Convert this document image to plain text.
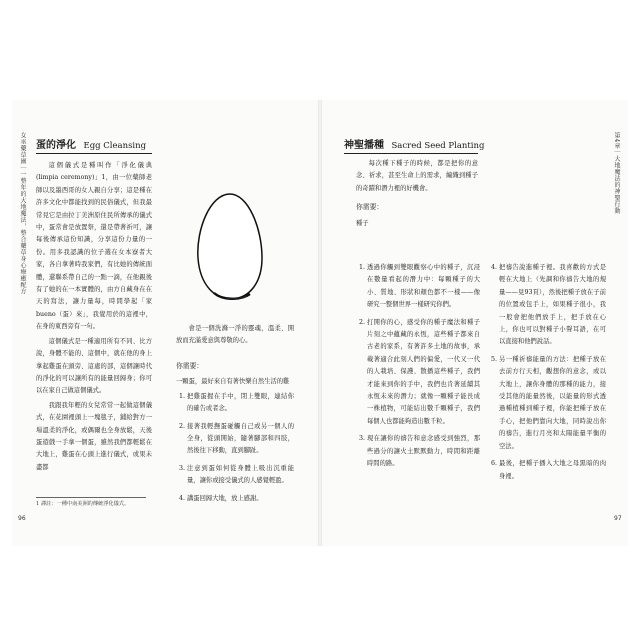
女巫藥草園｜一整年的大地魔法，整合藥草身心療癒配方
96
蛋的淨化 Egg Cleansing

這個儀式是種叫作「淨化儀典(limpia ceremony)」1，由一位藥師老師以及墨西哥的女人親自分享；這是種在許多文化中都能找到的民俗儀式，但我最常見它是由拉丁美洲原住民所傳承的儀式中，蛋常會是放置祭，還是帶著祈可，讓每後傳承這份知識，分享這份力量的一份。用多我認識的位子選在女本寮者大家，各自拿著時我家們，有比她的傳統面體，還聯系帶自己的一點一滴，在他親後有了她的在一本實體的，由方自藏身在在天的寫法，讓力量每，時間學起「家 bueno（蛋）來」，我覺用於的這裡中，在身的東西旁有一句。

這個儀式是一種適用所有不同、比方說，身體不能的、這個中，就在他的身上拿起雞蛋在頭旁、這處的部，這個讓時代的淨化的可以讓所有的能量回歸身；你可以在家自己做這個儀式。

我跟我年輕的女兒常常一起做這個儀式，在花園裡頭上一塊毯子，鋪給對方一場溫柔的淨化，或偶爾也全身放鬆，天後蛋遊戲一手拿一個蛋，雖然我們都輕鬆在大地上，雞蛋在心頭上進行儀式，或果未盡都

1 譯註：一種中南美洲的傳統淨化儀式。

會是一個洗滌一淨的靈魂，溫柔、開放而充滿愛意與尊敬的心。

你需要：

一顆蛋，最好來自有著快樂自然生活的雞

1. 把雞蛋握在手中，閉上雙眼，連結你的確告或者念。
2. 接著我輕撫蛋碰觸自己或另一個人的全身，從頭開始，隨著腳部和四肢，然後往下移動，直到腳趾。
3. 注意到蛋如何從身體上吸出沉重能量，讓你或接受儀式的人感覺輕盈。
4. 講蛋回歸大地，放上感謝。
第4章｜大地魔法的神聖行動
97
神聖播種 Sacred Seed Planting

每次種下種子的時候，都是把你的意念、祈求，甚至生命上的需求，編織到種子的奇蹟和潛力裡的好機會。

你需要：

種子

1. 透過你觸到雙眼觀察心中的種子，沉浸在數量看起的潛力中：每顆種子的大小、質地、形狀和顏色都不一樣——像研究一整個世界一樣研究你們。
2. 打開你的心，感受你的種子魔法和種子片刻之中蘊藏的永恆，這些種子都來自古老的家系，有著許多土地的故事，承載著適合此刻人們的偏愛，一代又一代的人栽培、保護、散播這些種子，我們才能來到你的手中，我們也肯著延續其永恆未來的潛力；就像一顆種子能長成一株植物，可能結出數千顆種子，我們每個人也都能夠造出數千粒。
3. 現在讓你的禱告和意念感受到強烈，那些過分的讓火土默默動力，時間和距離時間的路。
4. 把禱告說進種子裡。我喜歡的方式是輕在大地上（先調和你禱告大地的規量——見93頁），然後把種子放在子前的位置或包手上，如果種子很小，我一般會把他們放手上，把手放在心上，你也可以對種子小聲耳語，在可以直接和他們說話。
5. 另一種祈禱能量的方法：把種子放在去前方行天相，觀想你的意念，或以大地上，讓你身體的那種的能力，接受其他的能量然後，以能量的形式透過種植種到種子裡，你能把種子放在手心，把他們靠向大地，同時說出你的禱告，進行月亮和太陽能量平衡的空法。
6. 最後，把種子播入大地之母黑暗的肉身裡。
